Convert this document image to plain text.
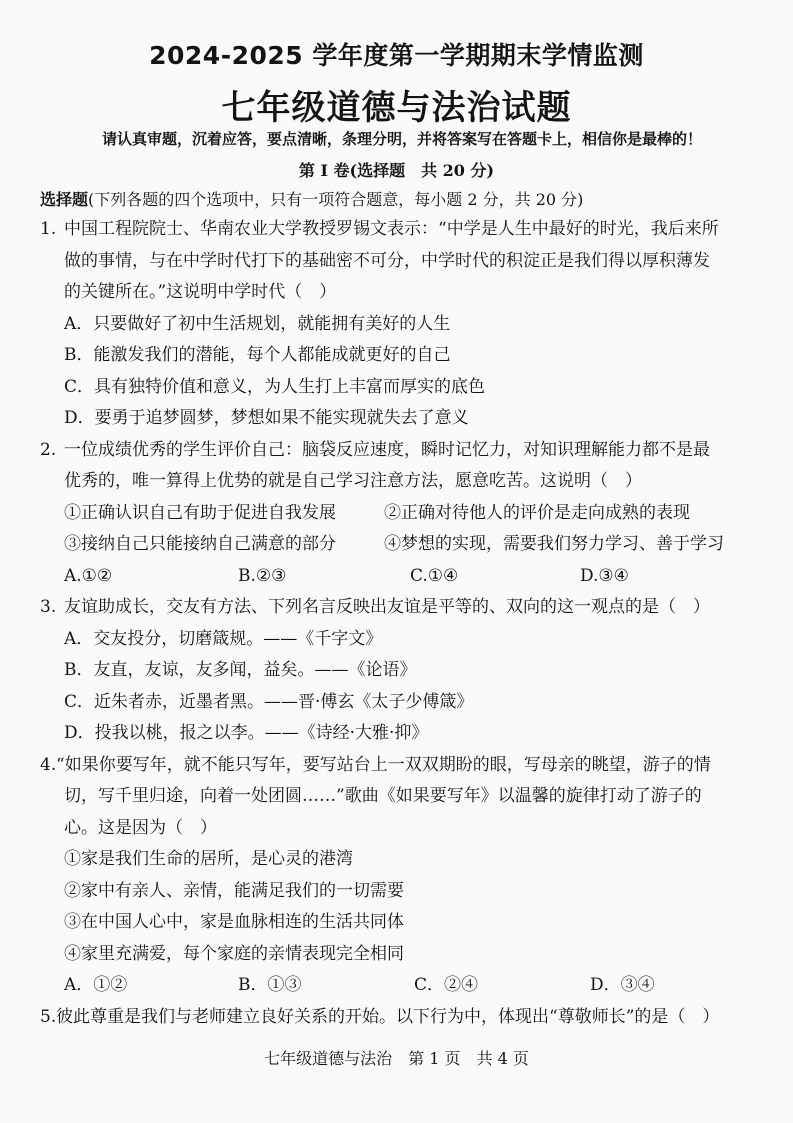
2024-2025 学年度第一学期期末学情监测
七年级道德与法治试题
请认真审题，沉着应答，要点清晰，条理分明，并将答案写在答题卡上，相信你是最棒的！
第 I 卷(选择题　共 20 分)
选择题(下列各题的四个选项中，只有一项符合题意，每小题 2 分，共 20 分)
1. 中国工程院院士、华南农业大学教授罗锡文表示：“中学是人生中最好的时光，我后来所
做的事情，与在中学时代打下的基础密不可分，中学时代的积淀正是我们得以厚积薄发
的关键所在。”这说明中学时代（　）
A．只要做好了初中生活规划，就能拥有美好的人生
B．能激发我们的潜能，每个人都能成就更好的自己
C．具有独特价值和意义，为人生打上丰富而厚实的底色
D．要勇于追梦圆梦，梦想如果不能实现就失去了意义
2. 一位成绩优秀的学生评价自己：脑袋反应速度，瞬时记忆力，对知识理解能力都不是最
优秀的，唯一算得上优势的就是自己学习注意方法，愿意吃苦。这说明（　）
①正确认识自己有助于促进自我发展	②正确对待他人的评价是走向成熟的表现
③接纳自己只能接纳自己满意的部分	④梦想的实现，需要我们努力学习、善于学习
A.①②	B.②③	C.①④	D.③④
3. 友谊助成长，交友有方法、下列名言反映出友谊是平等的、双向的这一观点的是（　）
A．交友投分，切磨箴规。——《千字文》
B．友直，友谅，友多闻，益矣。——《论语》
C．近朱者赤，近墨者黑。——晋·傅玄《太子少傅箴》
D．投我以桃，报之以李。——《诗经·大雅·抑》
4. “如果你要写年，就不能只写年，要写站台上一双双期盼的眼，写母亲的眺望，游子的情
切，写千里归途，向着一处团圆……”歌曲《如果要写年》以温馨的旋律打动了游子的
心。这是因为（　）
①家是我们生命的居所，是心灵的港湾
②家中有亲人、亲情，能满足我们的一切需要
③在中国人心中，家是血脉相连的生活共同体
④家里充满爱，每个家庭的亲情表现完全相同
A．①②	B．①③	C．②④	D．③④
5. 彼此尊重是我们与老师建立良好关系的开始。以下行为中，体现出“尊敬师长”的是（　）
七年级道德与法治　第 1 页　共 4 页
